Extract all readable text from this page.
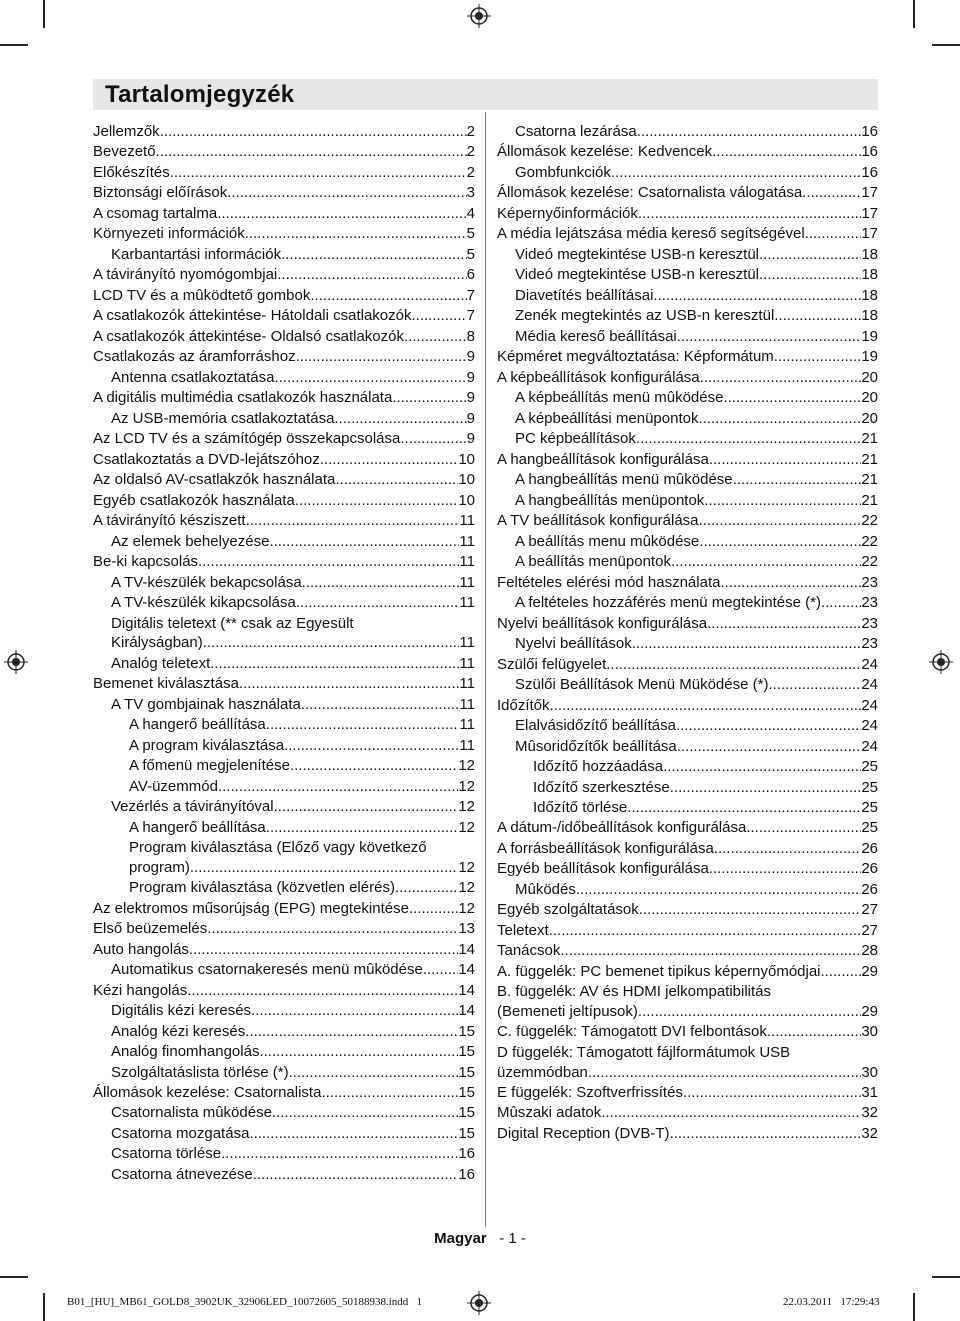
Tartalomjegyzék
Jellemzők .....	2
Bevezető .....	2
Előkészítés .....	2
Biztonsági előírások .....	3
A csomag tartalma .....	4
Környezeti információk .....	5
Karbantartási információk .....	5
A távirányító nyomógombjai .....	6
LCD TV és a mûködtető gombok .....	7
A csatlakozók áttekintése- Hátoldali csatlakozók .....	7
A csatlakozók áttekintése- Oldalsó csatlakozók .....	8
Csatlakozás az áramforráshoz .....	9
Antenna csatlakoztatása .....	9
A digitális multimédia csatlakozók használata .....	9
Az USB-memória csatlakoztatása .....	9
Az LCD TV és a számítógép összekapcsolása .....	9
Csatlakoztatás a DVD-lejátszóhoz .....	10
Az oldalsó AV-csatlakzók használata .....	10
Egyéb csatlakozók használata .....	10
A távirányító késziszett .....	11
Az elemek behelyezése .....	11
Be-ki kapcsolás .....	11
A TV-készülék bekapcsolása .....	11
A TV-készülék kikapcsolása .....	11
Digitális teletext (** csak az Egyesült
Királyságban) .....	11
Analóg teletext .....	11
Bemenet kiválasztása .....	11
A TV gombjainak használata .....	11
A hangerő beállítása .....	11
A program kiválasztása .....	11
A főmenü megjelenítése .....	12
AV-üzemmód .....	12
Vezérlés a távirányítóval .....	12
A hangerő beállítása .....	12
Program kiválasztása (Előző vagy következő
program) .....	12
Program kiválasztása (közvetlen elérés) .....	12
Az elektromos műsorújság (EPG) megtekintése .....	12
Első beüzemelés .....	13
Auto hangolás .....	14
Automatikus csatornakeresés menü mûködése ..... 14
Kézi hangolás .....	14
Digitális kézi keresés .....	14
Analóg kézi keresés .....	15
Analóg finomhangolás .....	15
Szolgáltatáslista törlése (*) .....	15
Állomások kezelése: Csatornalista .....	15
Csatornalista mûködése .....	15
Csatorna mozgatása .....	15
Csatorna törlése .....	16
Csatorna átnevezése .....	16
Csatorna lezárása .....	16
Állomások kezelése: Kedvencek .....	16
Gombfunkciók .....	16
Állomások kezelése: Csatornalista válogatása .....	17
Képernyőinformációk .....	17
A média lejátszása média kereső segítségével .....	17
Videó megtekintése USB-n keresztül .....	18
Videó megtekintése USB-n keresztül .....	18
Diavetítés beállításai .....	18
Zenék megtekintés az USB-n keresztül .....	18
Média kereső beállításai .....	19
Képméret megváltoztatása: Képformátum .....	19
A képbeállítások konfigurálása .....	20
A képbeállítás menü mûködése .....	20
A képbeállítási menüpontok .....	20
PC képbeállítások .....	21
A hangbeállítások konfigurálása .....	21
A hangbeállítás menü mûködése .....	21
A hangbeállítás menüpontok .....	21
A TV beállítások konfigurálása .....	22
A beállítás menu mûködése .....	22
A beállítás menüpontok .....	22
Feltételes elérési mód használata .....	23
A feltételes hozzáférés menü megtekintése (*) .....	23
Nyelvi beállítások konfigurálása .....	23
Nyelvi beállítások .....	23
Szülői felügyelet .....	24
Szülői Beállítások Menü Müködése (*) .....	24
Időzítők .....	24
Elalvásidőzítő beállítása .....	24
Mûsoridőzítők beállítása .....	24
Időzítő hozzáadása .....	25
Időzítő szerkesztése .....	25
Időzítő törlése .....	25
A dátum-/időbeállítások konfigurálása .....	25
A forrásbeállítások konfigurálása .....	26
Egyéb beállítások konfigurálása .....	26
Mûködés .....	26
Egyéb szolgáltatások .....	27
Teletext .....	27
Tanácsok .....	28
A. függelék: PC bemenet tipikus képernyőmódjai .....	29
B. függelék: AV és HDMI jelkompatibilitás
(Bemeneti jeltípusok) .....	29
C. függelék: Támogatott DVI felbontások .....	30
D függelék: Támogatott fájlformátumok USB
üzemmódban .....	30
E függelék: Szoftverfrissítés .....	31
Mûszaki adatok .....	32
Digital Reception (DVB-T) .....	32
Magyar - 1 -
B01_[HU]_MB61_GOLD8_3902UK_32906LED_10072605_50188938.indd   1	22.03.2011   17:29:43
